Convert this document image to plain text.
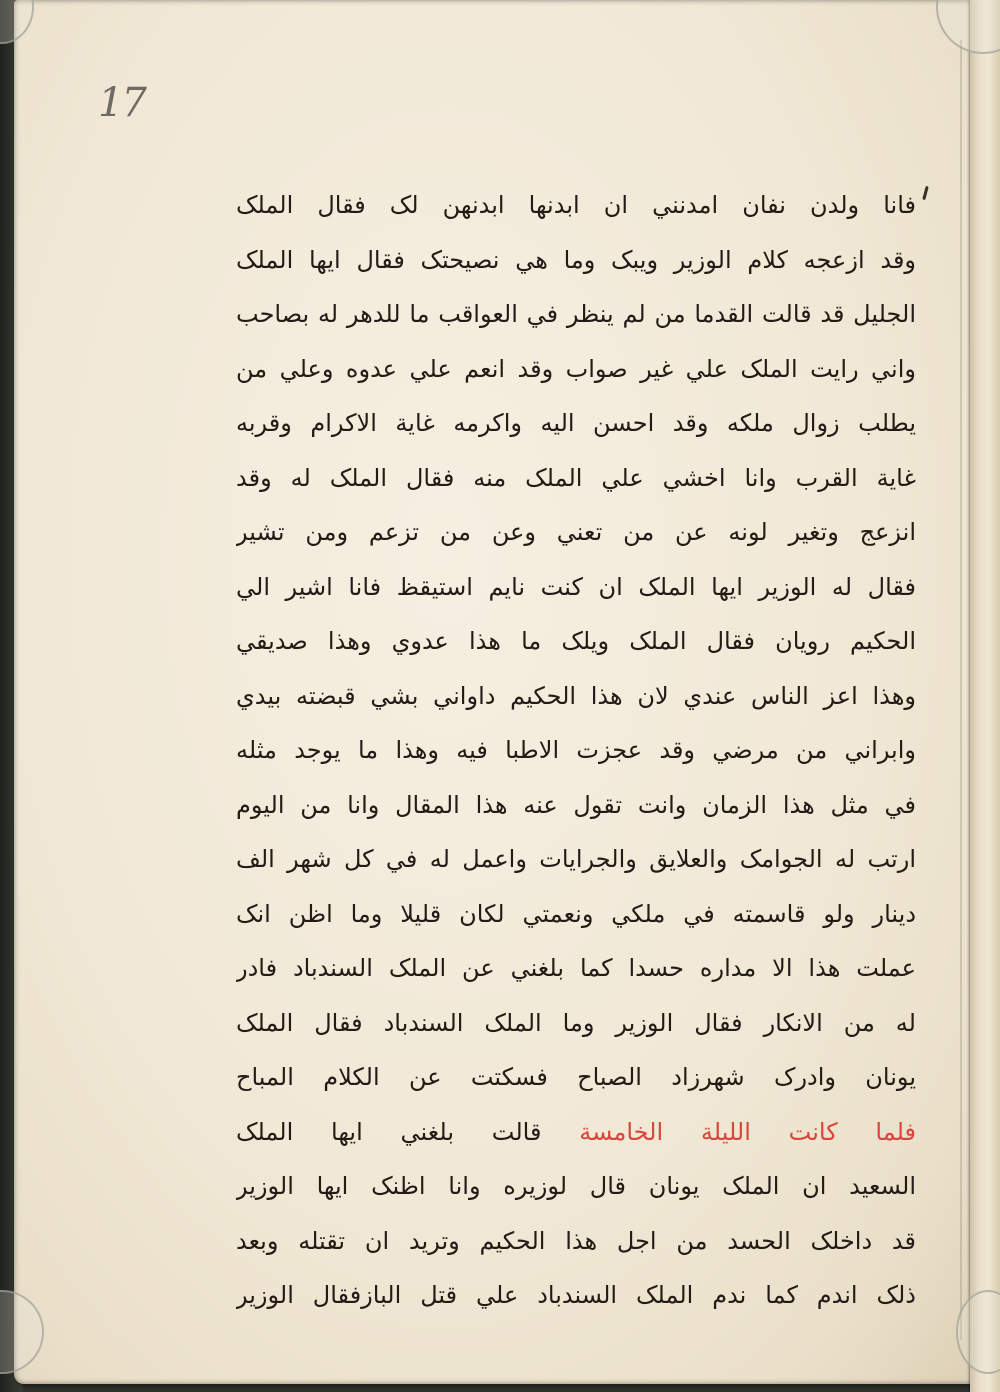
17
فانا ولدن نفان امدنني ان ابدنها ابدنهن لک فقال الملک
وقد ازعجه کلام الوزير ويبک وما هي نصيحتک فقال ايها الملک
الجليل قد قالت القدما من لم ينظر في العواقب ما للدهر له بصاحب
واني رايت الملک علي غير صواب وقد انعم علي عدوه وعلي من
يطلب زوال ملکه وقد احسن اليه واکرمه غاية الاکرام وقربه
غاية القرب وانا اخشي علي الملک منه فقال الملک له وقد
انزعج وتغير لونه عن من تعني وعن من تزعم ومن تشير
فقال له الوزير ايها الملک ان کنت نايم استيقظ فانا اشير الي
الحکيم رويان فقال الملک ويلک ما هذا عدوي وهذا صديقي
وهذا اعز الناس عندي لان هذا الحکيم داواني بشي قبضته بيدي
وابراني من مرضي وقد عجزت الاطبا فيه وهذا ما يوجد مثله
في مثل هذا الزمان وانت تقول عنه هذا المقال وانا من اليوم
ارتب له الجوامک والعلايق والجرايات واعمل له في کل شهر الف
دينار ولو قاسمته في ملکي ونعمتي لکان قليلا وما اظن انک
عملت هذا الا مداره حسدا کما بلغني عن الملک السندباد فادر
له من الانکار فقال الوزير وما الملک السندباد فقال الملک
يونان وادرک شهرزاد الصباح فسکتت عن الکلام المباح
فلما کانت الليلة الخامسة قالت بلغني ايها الملک
السعيد ان الملک يونان قال لوزيره وانا اظنک ايها الوزير
قد داخلک الحسد من اجل هذا الحکيم وتريد ان تقتله وبعد
ذلک اندم کما ندم الملک السندباد علي قتل البازفقال الوزير
